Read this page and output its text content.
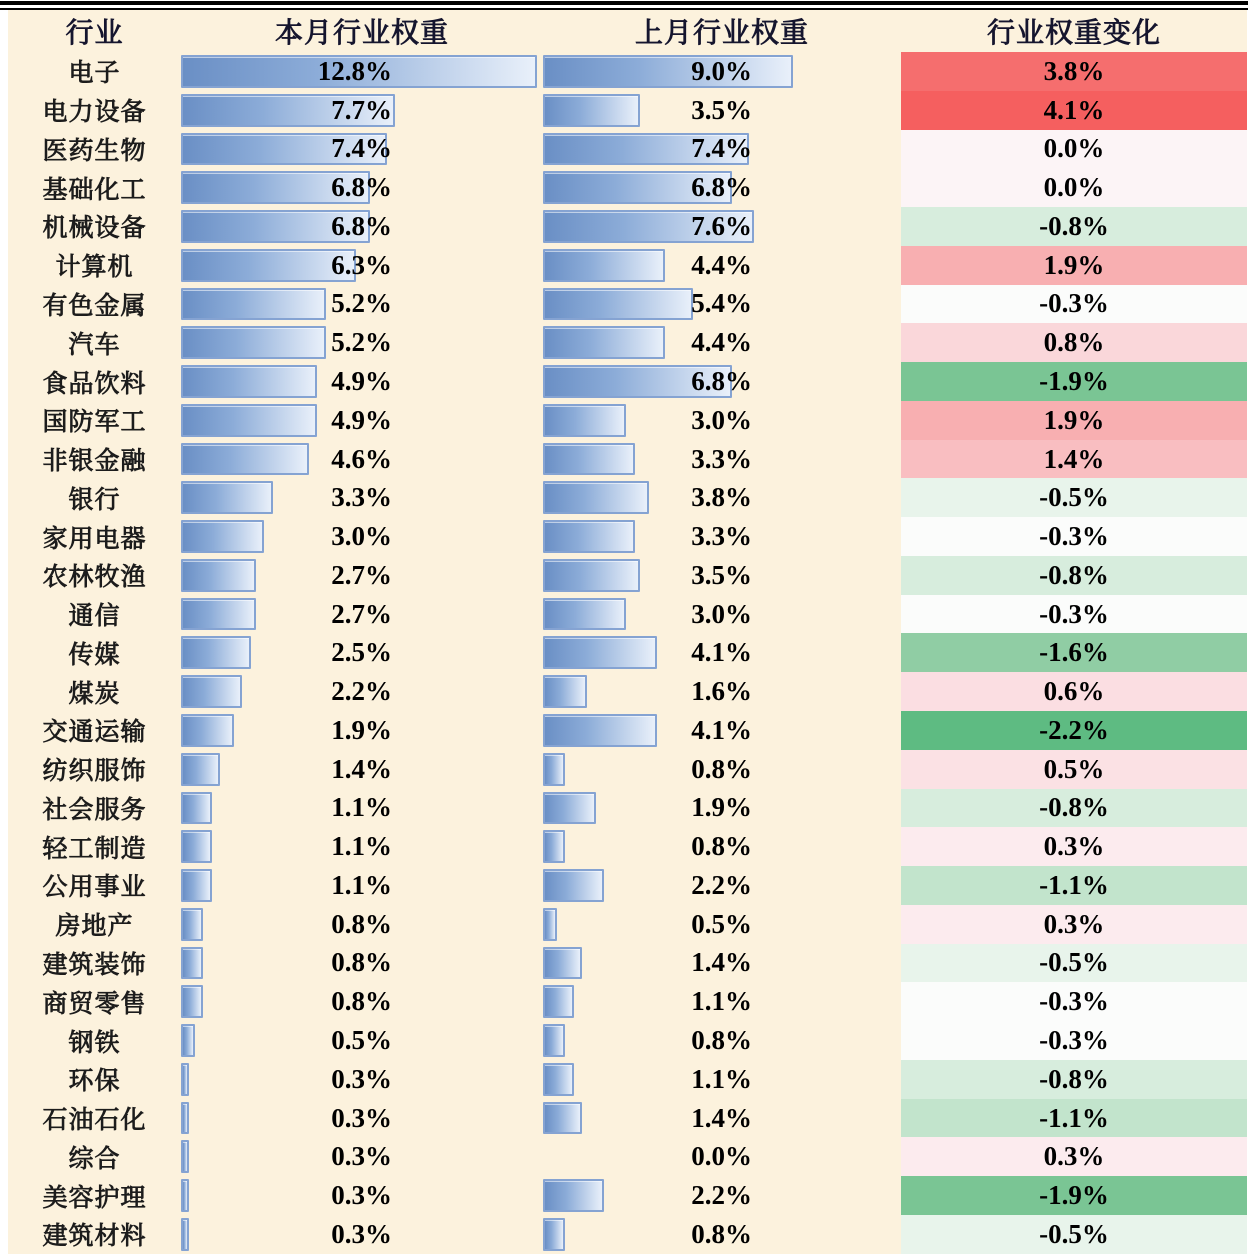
行业	本月行业权重	上月行业权重	行业权重变化
电子	12.8%	9.0%	3.8%
电力设备	7.7%	3.5%	4.1%
医药生物	7.4%	7.4%	0.0%
基础化工	6.8%	6.8%	0.0%
机械设备	6.8%	7.6%	-0.8%
计算机	6.3%	4.4%	1.9%
有色金属	5.2%	5.4%	-0.3%
汽车	5.2%	4.4%	0.8%
食品饮料	4.9%	6.8%	-1.9%
国防军工	4.9%	3.0%	1.9%
非银金融	4.6%	3.3%	1.4%
银行	3.3%	3.8%	-0.5%
家用电器	3.0%	3.3%	-0.3%
农林牧渔	2.7%	3.5%	-0.8%
通信	2.7%	3.0%	-0.3%
传媒	2.5%	4.1%	-1.6%
煤炭	2.2%	1.6%	0.6%
交通运输	1.9%	4.1%	-2.2%
纺织服饰	1.4%	0.8%	0.5%
社会服务	1.1%	1.9%	-0.8%
轻工制造	1.1%	0.8%	0.3%
公用事业	1.1%	2.2%	-1.1%
房地产	0.8%	0.5%	0.3%
建筑装饰	0.8%	1.4%	-0.5%
商贸零售	0.8%	1.1%	-0.3%
钢铁	0.5%	0.8%	-0.3%
环保	0.3%	1.1%	-0.8%
石油石化	0.3%	1.4%	-1.1%
综合	0.3%	0.0%	0.3%
美容护理	0.3%	2.2%	-1.9%
建筑材料	0.3%	0.8%	-0.5%
